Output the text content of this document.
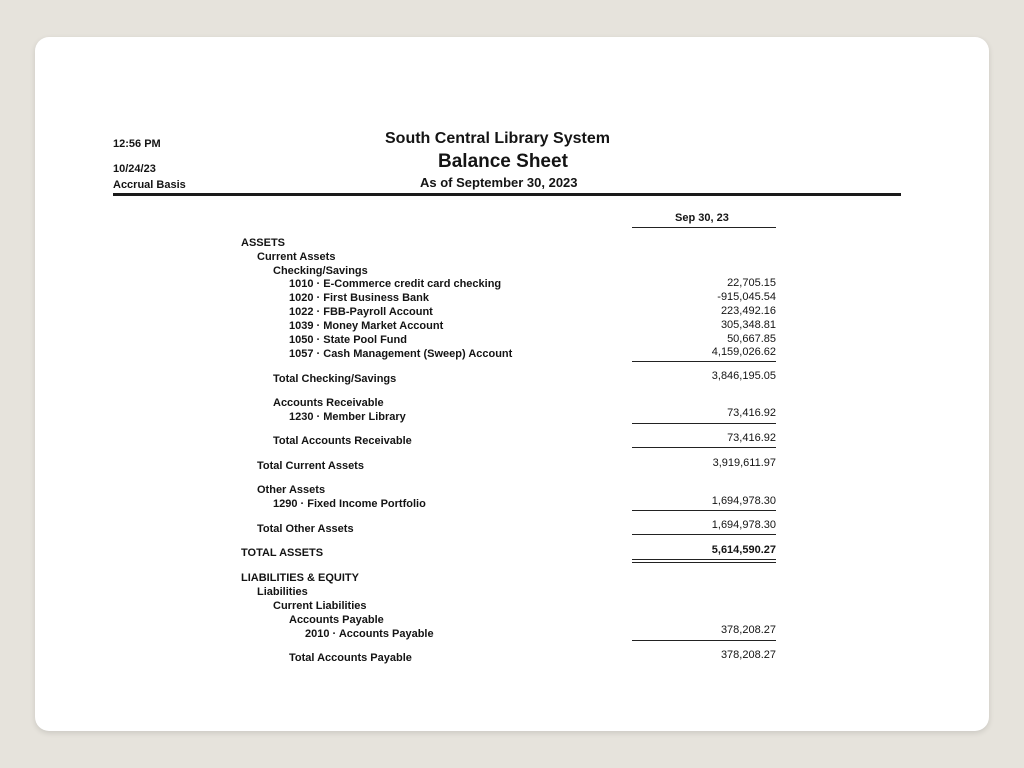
12:56 PM
10/24/23
Accrual Basis
South Central Library System
Balance Sheet
As of September 30, 2023
Sep 30, 23
ASSETS
Current Assets
Checking/Savings
1010 · E-Commerce credit card checking	22,705.15
1020 · First Business Bank	-915,045.54
1022 · FBB-Payroll Account	223,492.16
1039 · Money Market Account	305,348.81
1050 · State Pool Fund	50,667.85
1057 · Cash Management (Sweep) Account	4,159,026.62
Total Checking/Savings	3,846,195.05
Accounts Receivable
1230 · Member Library	73,416.92
Total Accounts Receivable	73,416.92
Total Current Assets	3,919,611.97
Other Assets
1290 · Fixed Income Portfolio	1,694,978.30
Total Other Assets	1,694,978.30
TOTAL ASSETS	5,614,590.27
LIABILITIES & EQUITY
Liabilities
Current Liabilities
Accounts Payable
2010 · Accounts Payable	378,208.27
Total Accounts Payable	378,208.27
